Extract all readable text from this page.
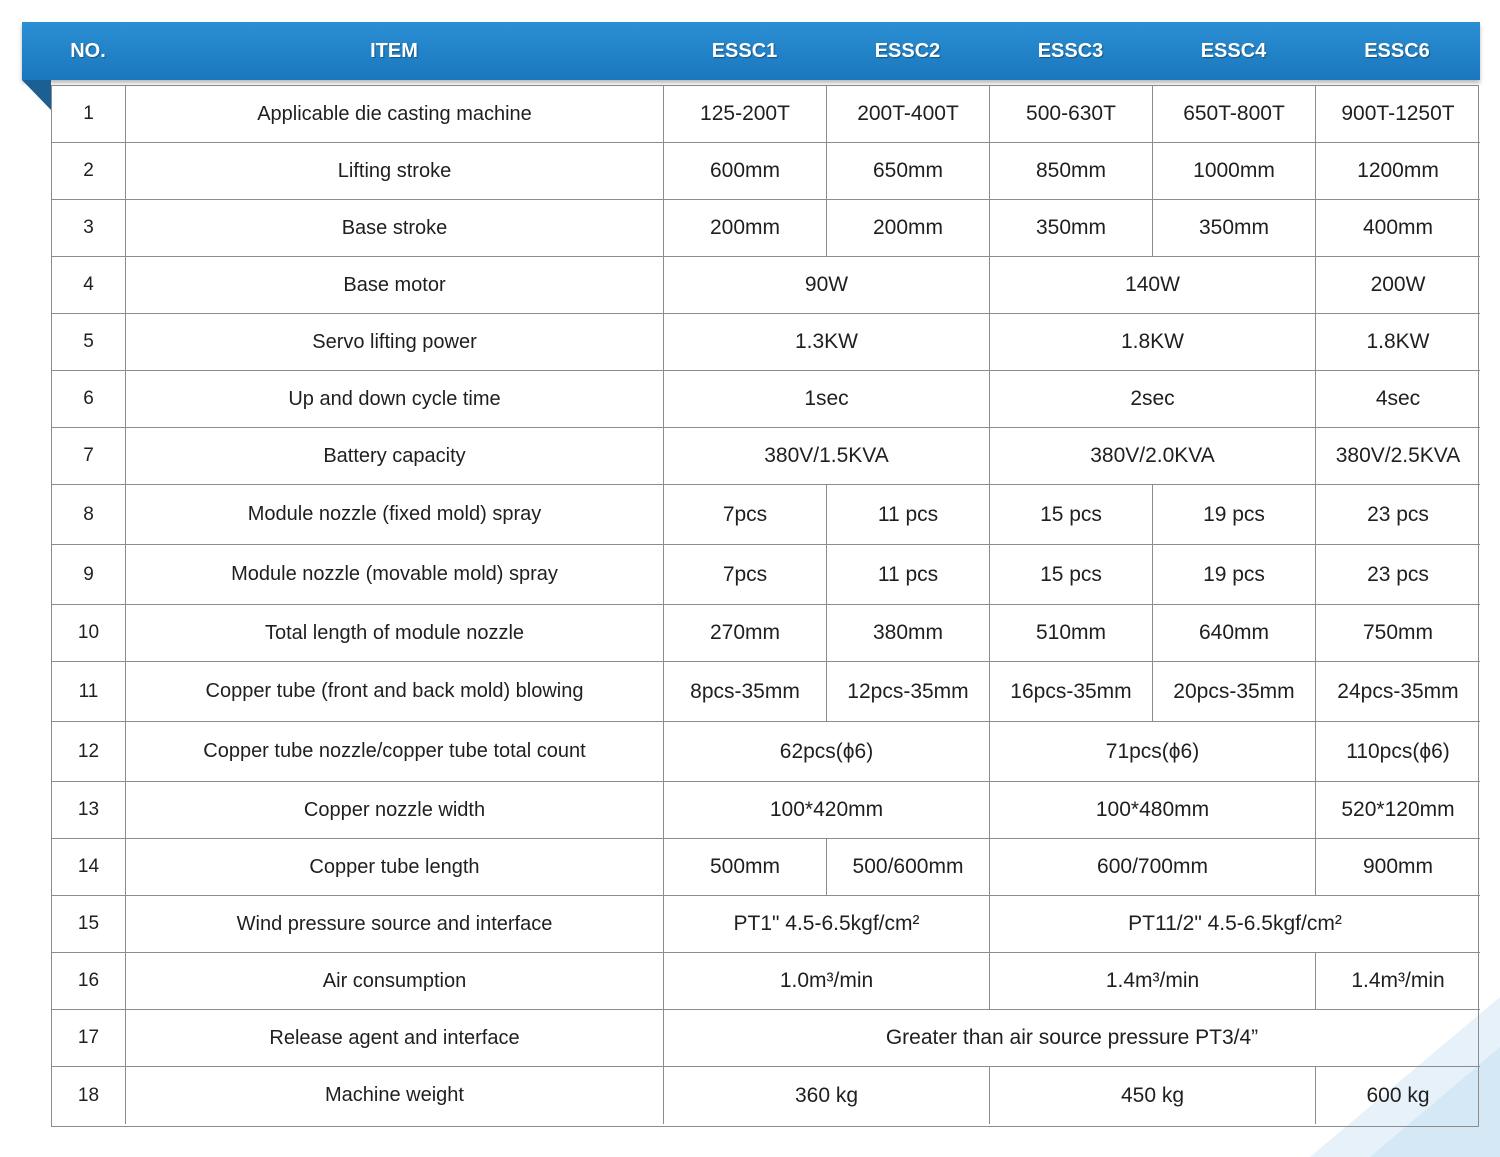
NO.	ITEM	ESSC1	ESSC2	ESSC3	ESSC4	ESSC6
1	Applicable die casting machine	125-200T	200T-400T	500-630T	650T-800T	900T-1250T
2	Lifting stroke	600mm	650mm	850mm	1000mm	1200mm
3	Base stroke	200mm	200mm	350mm	350mm	400mm
4	Base motor	90W	140W	200W
5	Servo lifting power	1.3KW	1.8KW	1.8KW
6	Up and down cycle time	1sec	2sec	4sec
7	Battery capacity	380V/1.5KVA	380V/2.0KVA	380V/2.5KVA
8	Module nozzle (fixed mold) spray	7pcs	11 pcs	15 pcs	19 pcs	23 pcs
9	Module nozzle (movable mold) spray	7pcs	11 pcs	15 pcs	19 pcs	23 pcs
10	Total length of module nozzle	270mm	380mm	510mm	640mm	750mm
11	Copper tube (front and back mold) blowing	8pcs-35mm	12pcs-35mm	16pcs-35mm	20pcs-35mm	24pcs-35mm
12	Copper tube nozzle/copper tube total count	62pcs(ϕ6)	71pcs(ϕ6)	110pcs(ϕ6)
13	Copper nozzle width	100*420mm	100*480mm	520*120mm
14	Copper tube length	500mm	500/600mm	600/700mm	900mm
15	Wind pressure source and interface	PT1" 4.5-6.5kgf/cm²	PT11/2" 4.5-6.5kgf/cm²
16	Air consumption	1.0m³/min	1.4m³/min	1.4m³/min
17	Release agent and interface	Greater than air source pressure PT3/4”
18	Machine weight	360 kg	450 kg	600 kg
